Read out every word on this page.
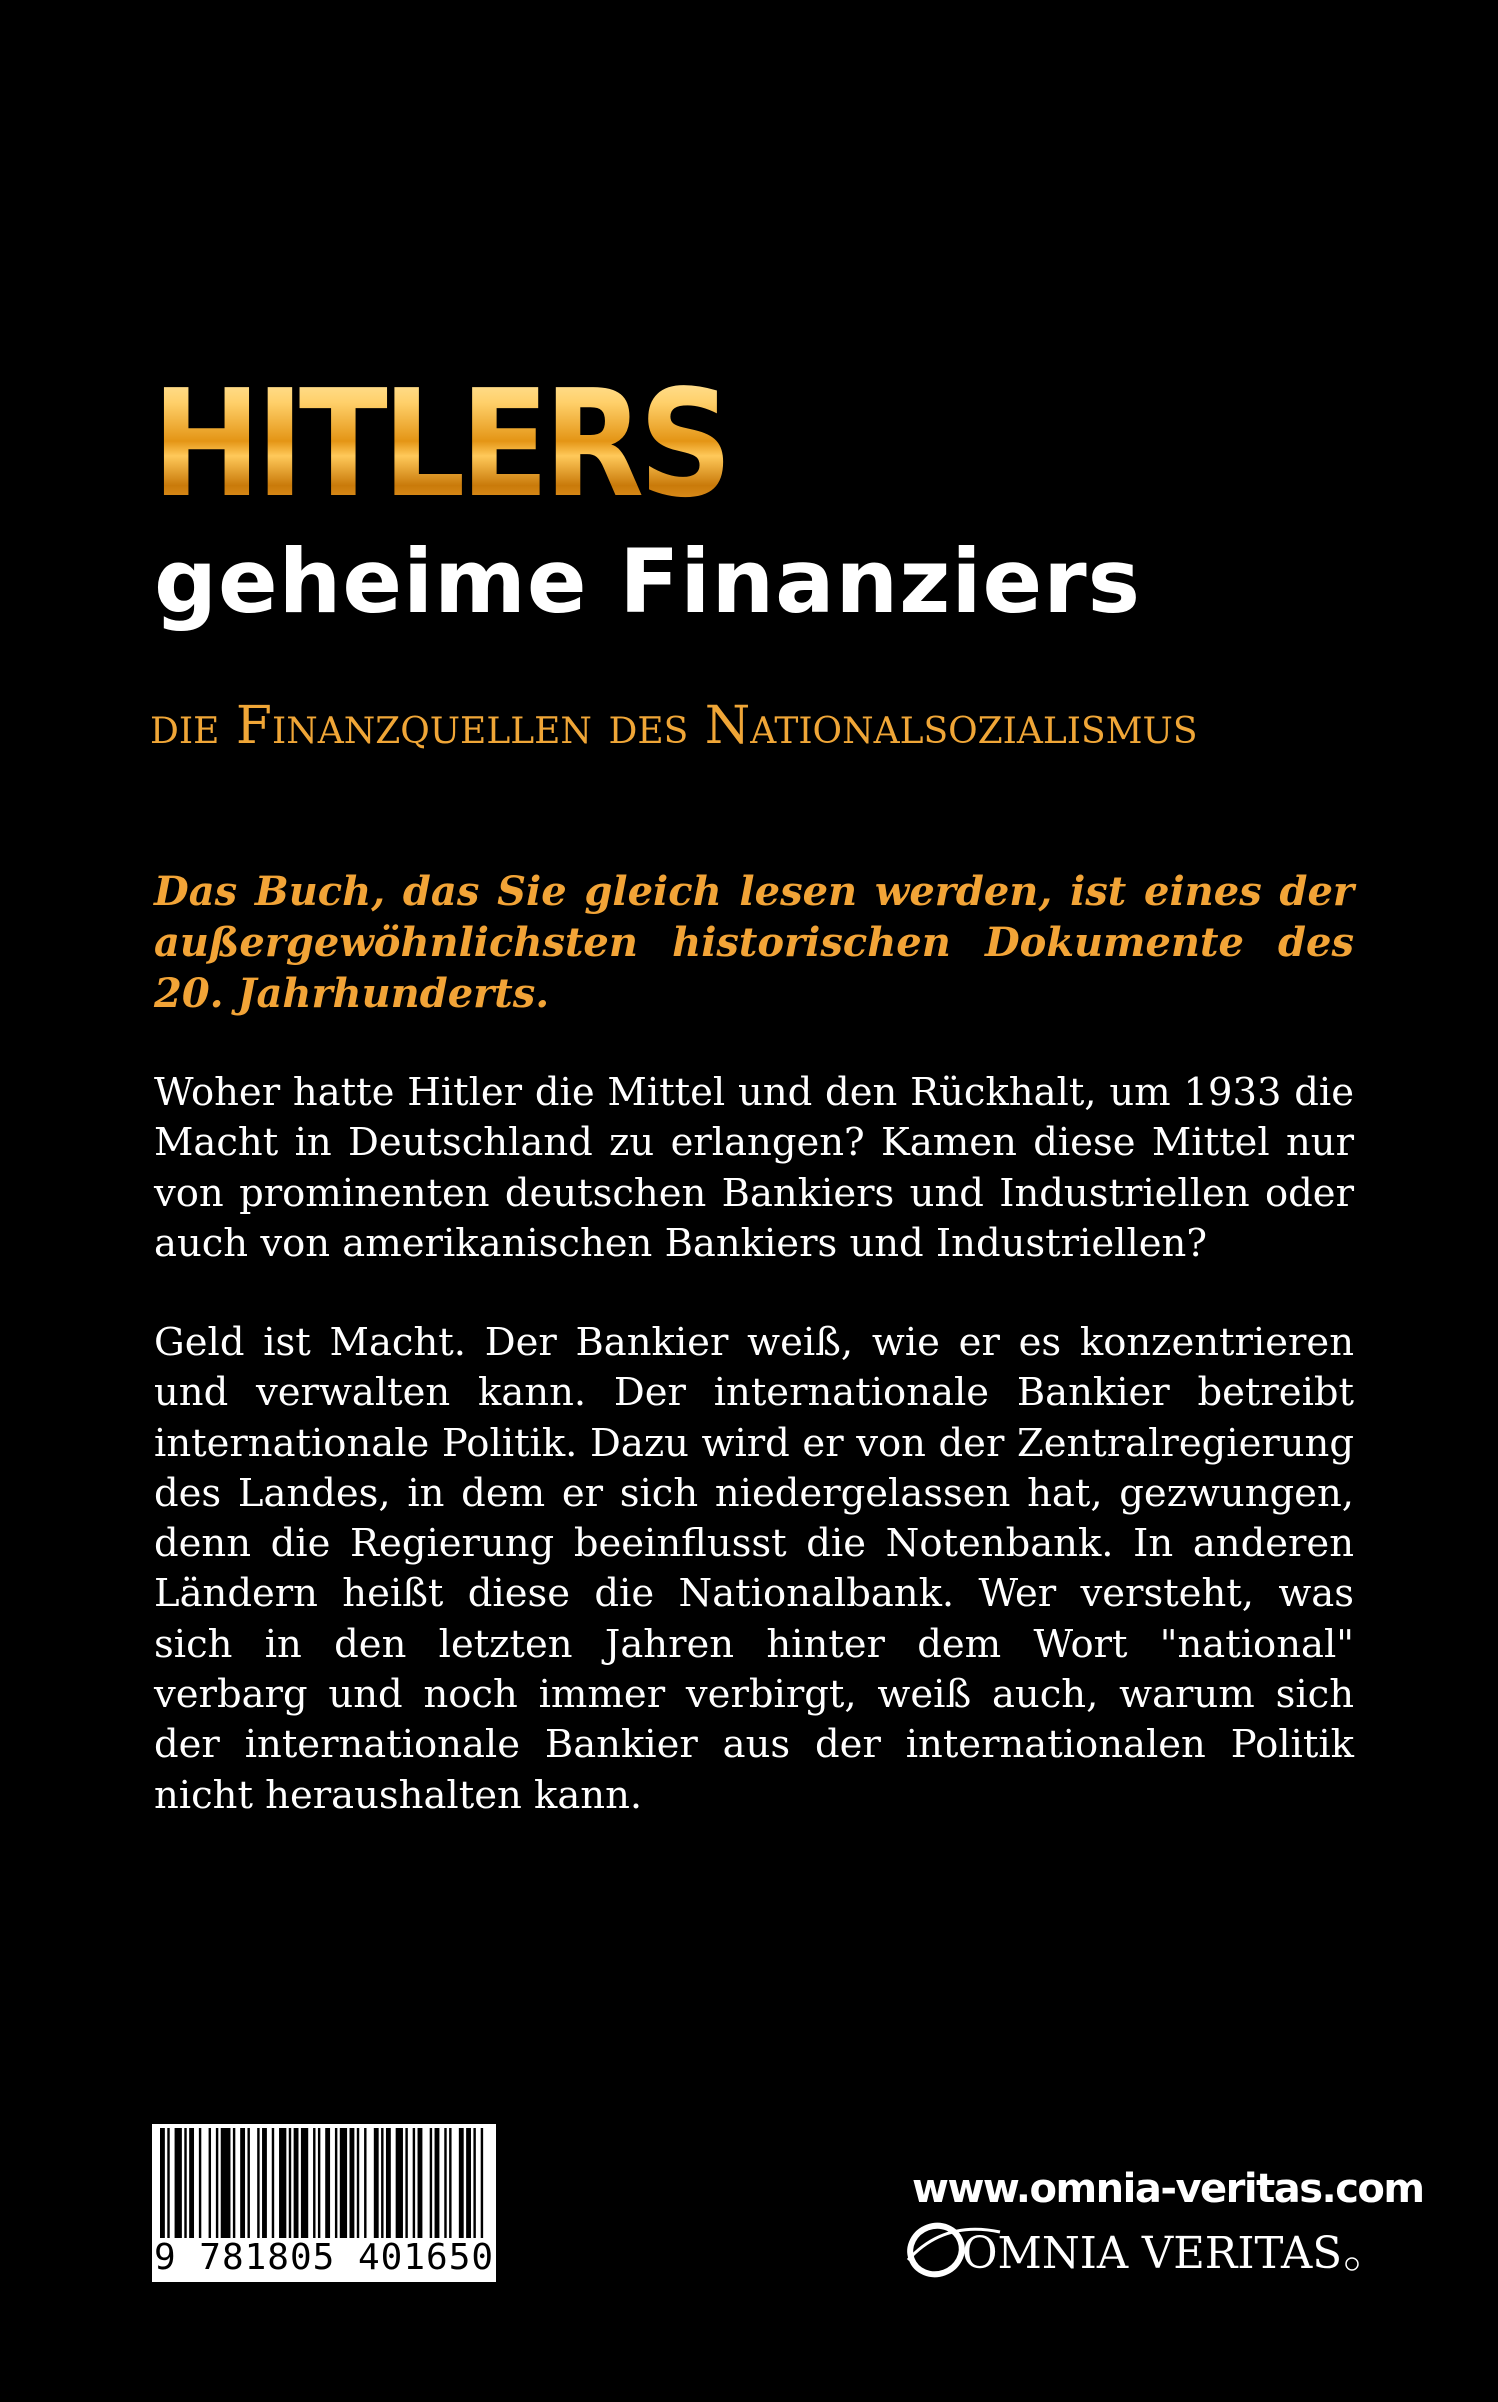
HITLERS
geheime Finanziers
die Finanzquellen des Nationalsozialismus

Das Buch, das Sie gleich lesen werden, ist eines der außergewöhnlichsten historischen Dokumente des 20. Jahrhunderts.

Woher hatte Hitler die Mittel und den Rückhalt, um 1933 die Macht in Deutschland zu erlangen? Kamen diese Mittel nur von prominenten deutschen Bankiers und Industriellen oder auch von amerikanischen Bankiers und Industriellen?

Geld ist Macht. Der Bankier weiß, wie er es konzentrieren und verwalten kann. Der internationale Bankier betreibt internationale Politik. Dazu wird er von der Zentralregierung des Landes, in dem er sich niedergelassen hat, gezwungen, denn die Regierung beeinflusst die Notenbank. In anderen Ländern heißt diese die Nationalbank. Wer versteht, was sich in den letzten Jahren hinter dem Wort "national" verbarg und noch immer verbirgt, weiß auch, warum sich der internationale Bankier aus der internationalen Politik nicht heraushalten kann.

9 781805 401650
www.omnia-veritas.com
OMNIA VERITAS
